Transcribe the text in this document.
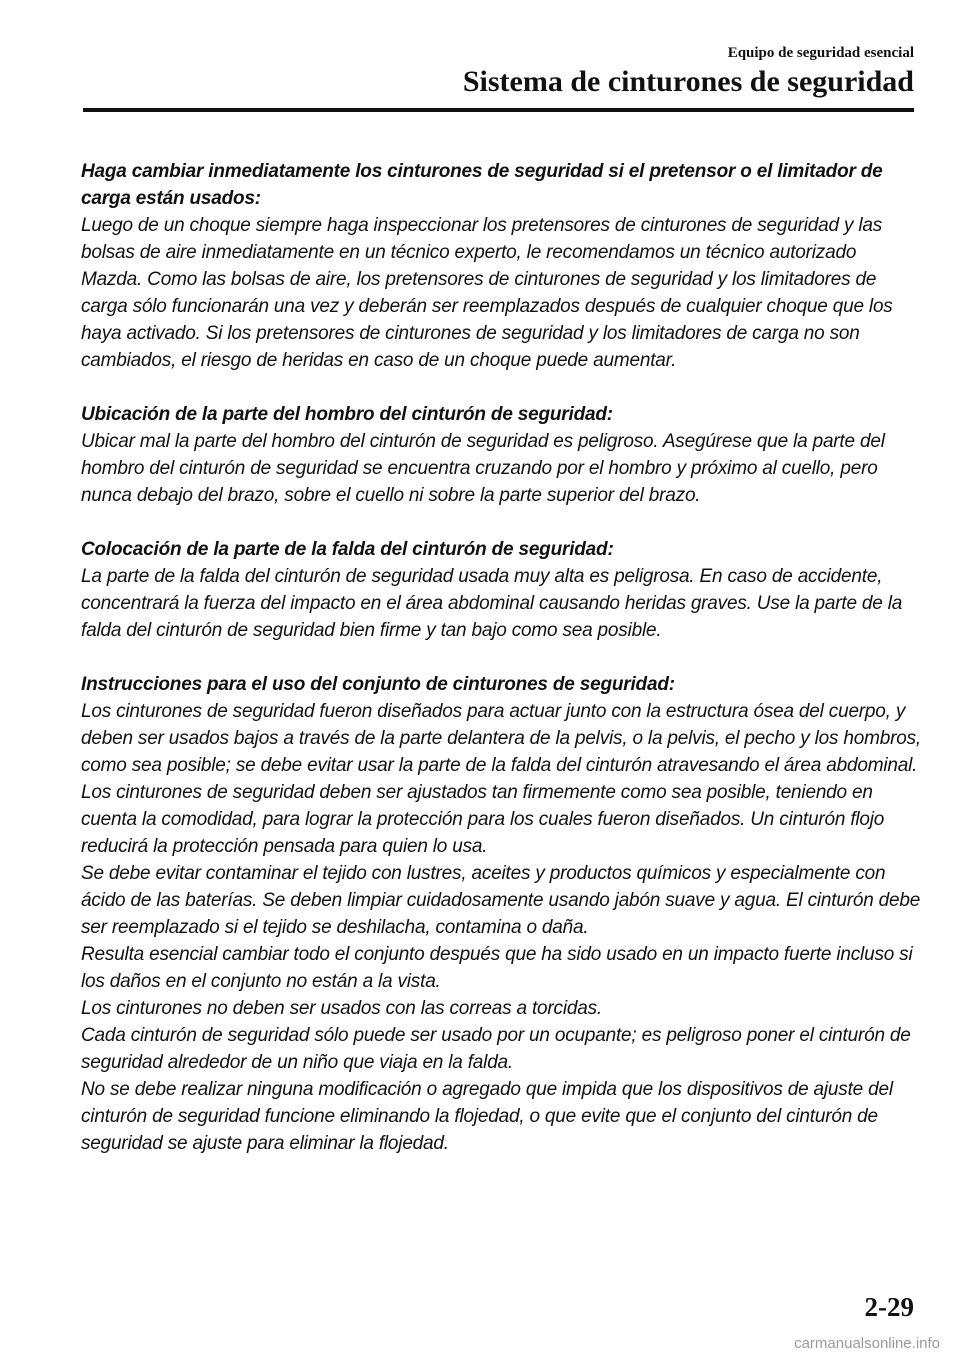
Equipo de seguridad esencial
Sistema de cinturones de seguridad

Haga cambiar inmediatamente los cinturones de seguridad si el pretensor o el limitador de carga están usados:

Luego de un choque siempre haga inspeccionar los pretensores de cinturones de seguridad y las bolsas de aire inmediatamente en un técnico experto, le recomendamos un técnico autorizado Mazda. Como las bolsas de aire, los pretensores de cinturones de seguridad y los limitadores de carga sólo funcionarán una vez y deberán ser reemplazados después de cualquier choque que los haya activado. Si los pretensores de cinturones de seguridad y los limitadores de carga no son cambiados, el riesgo de heridas en caso de un choque puede aumentar.

Ubicación de la parte del hombro del cinturón de seguridad:

Ubicar mal la parte del hombro del cinturón de seguridad es peligroso. Asegúrese que la parte del hombro del cinturón de seguridad se encuentra cruzando por el hombro y próximo al cuello, pero nunca debajo del brazo, sobre el cuello ni sobre la parte superior del brazo.

Colocación de la parte de la falda del cinturón de seguridad:

La parte de la falda del cinturón de seguridad usada muy alta es peligrosa. En caso de accidente, concentrará la fuerza del impacto en el área abdominal causando heridas graves. Use la parte de la falda del cinturón de seguridad bien firme y tan bajo como sea posible.

Instrucciones para el uso del conjunto de cinturones de seguridad:

Los cinturones de seguridad fueron diseñados para actuar junto con la estructura ósea del cuerpo, y deben ser usados bajos a través de la parte delantera de la pelvis, o la pelvis, el pecho y los hombros, como sea posible; se debe evitar usar la parte de la falda del cinturón atravesando el área abdominal.

Los cinturones de seguridad deben ser ajustados tan firmemente como sea posible, teniendo en cuenta la comodidad, para lograr la protección para los cuales fueron diseñados. Un cinturón flojo reducirá la protección pensada para quien lo usa.

Se debe evitar contaminar el tejido con lustres, aceites y productos químicos y especialmente con ácido de las baterías. Se deben limpiar cuidadosamente usando jabón suave y agua. El cinturón debe ser reemplazado si el tejido se deshilacha, contamina o daña.

Resulta esencial cambiar todo el conjunto después que ha sido usado en un impacto fuerte incluso si los daños en el conjunto no están a la vista.

Los cinturones no deben ser usados con las correas a torcidas.

Cada cinturón de seguridad sólo puede ser usado por un ocupante; es peligroso poner el cinturón de seguridad alrededor de un niño que viaja en la falda.

No se debe realizar ninguna modificación o agregado que impida que los dispositivos de ajuste del cinturón de seguridad funcione eliminando la flojedad, o que evite que el conjunto del cinturón de seguridad se ajuste para eliminar la flojedad.

2-29
carmanualsonline.info
